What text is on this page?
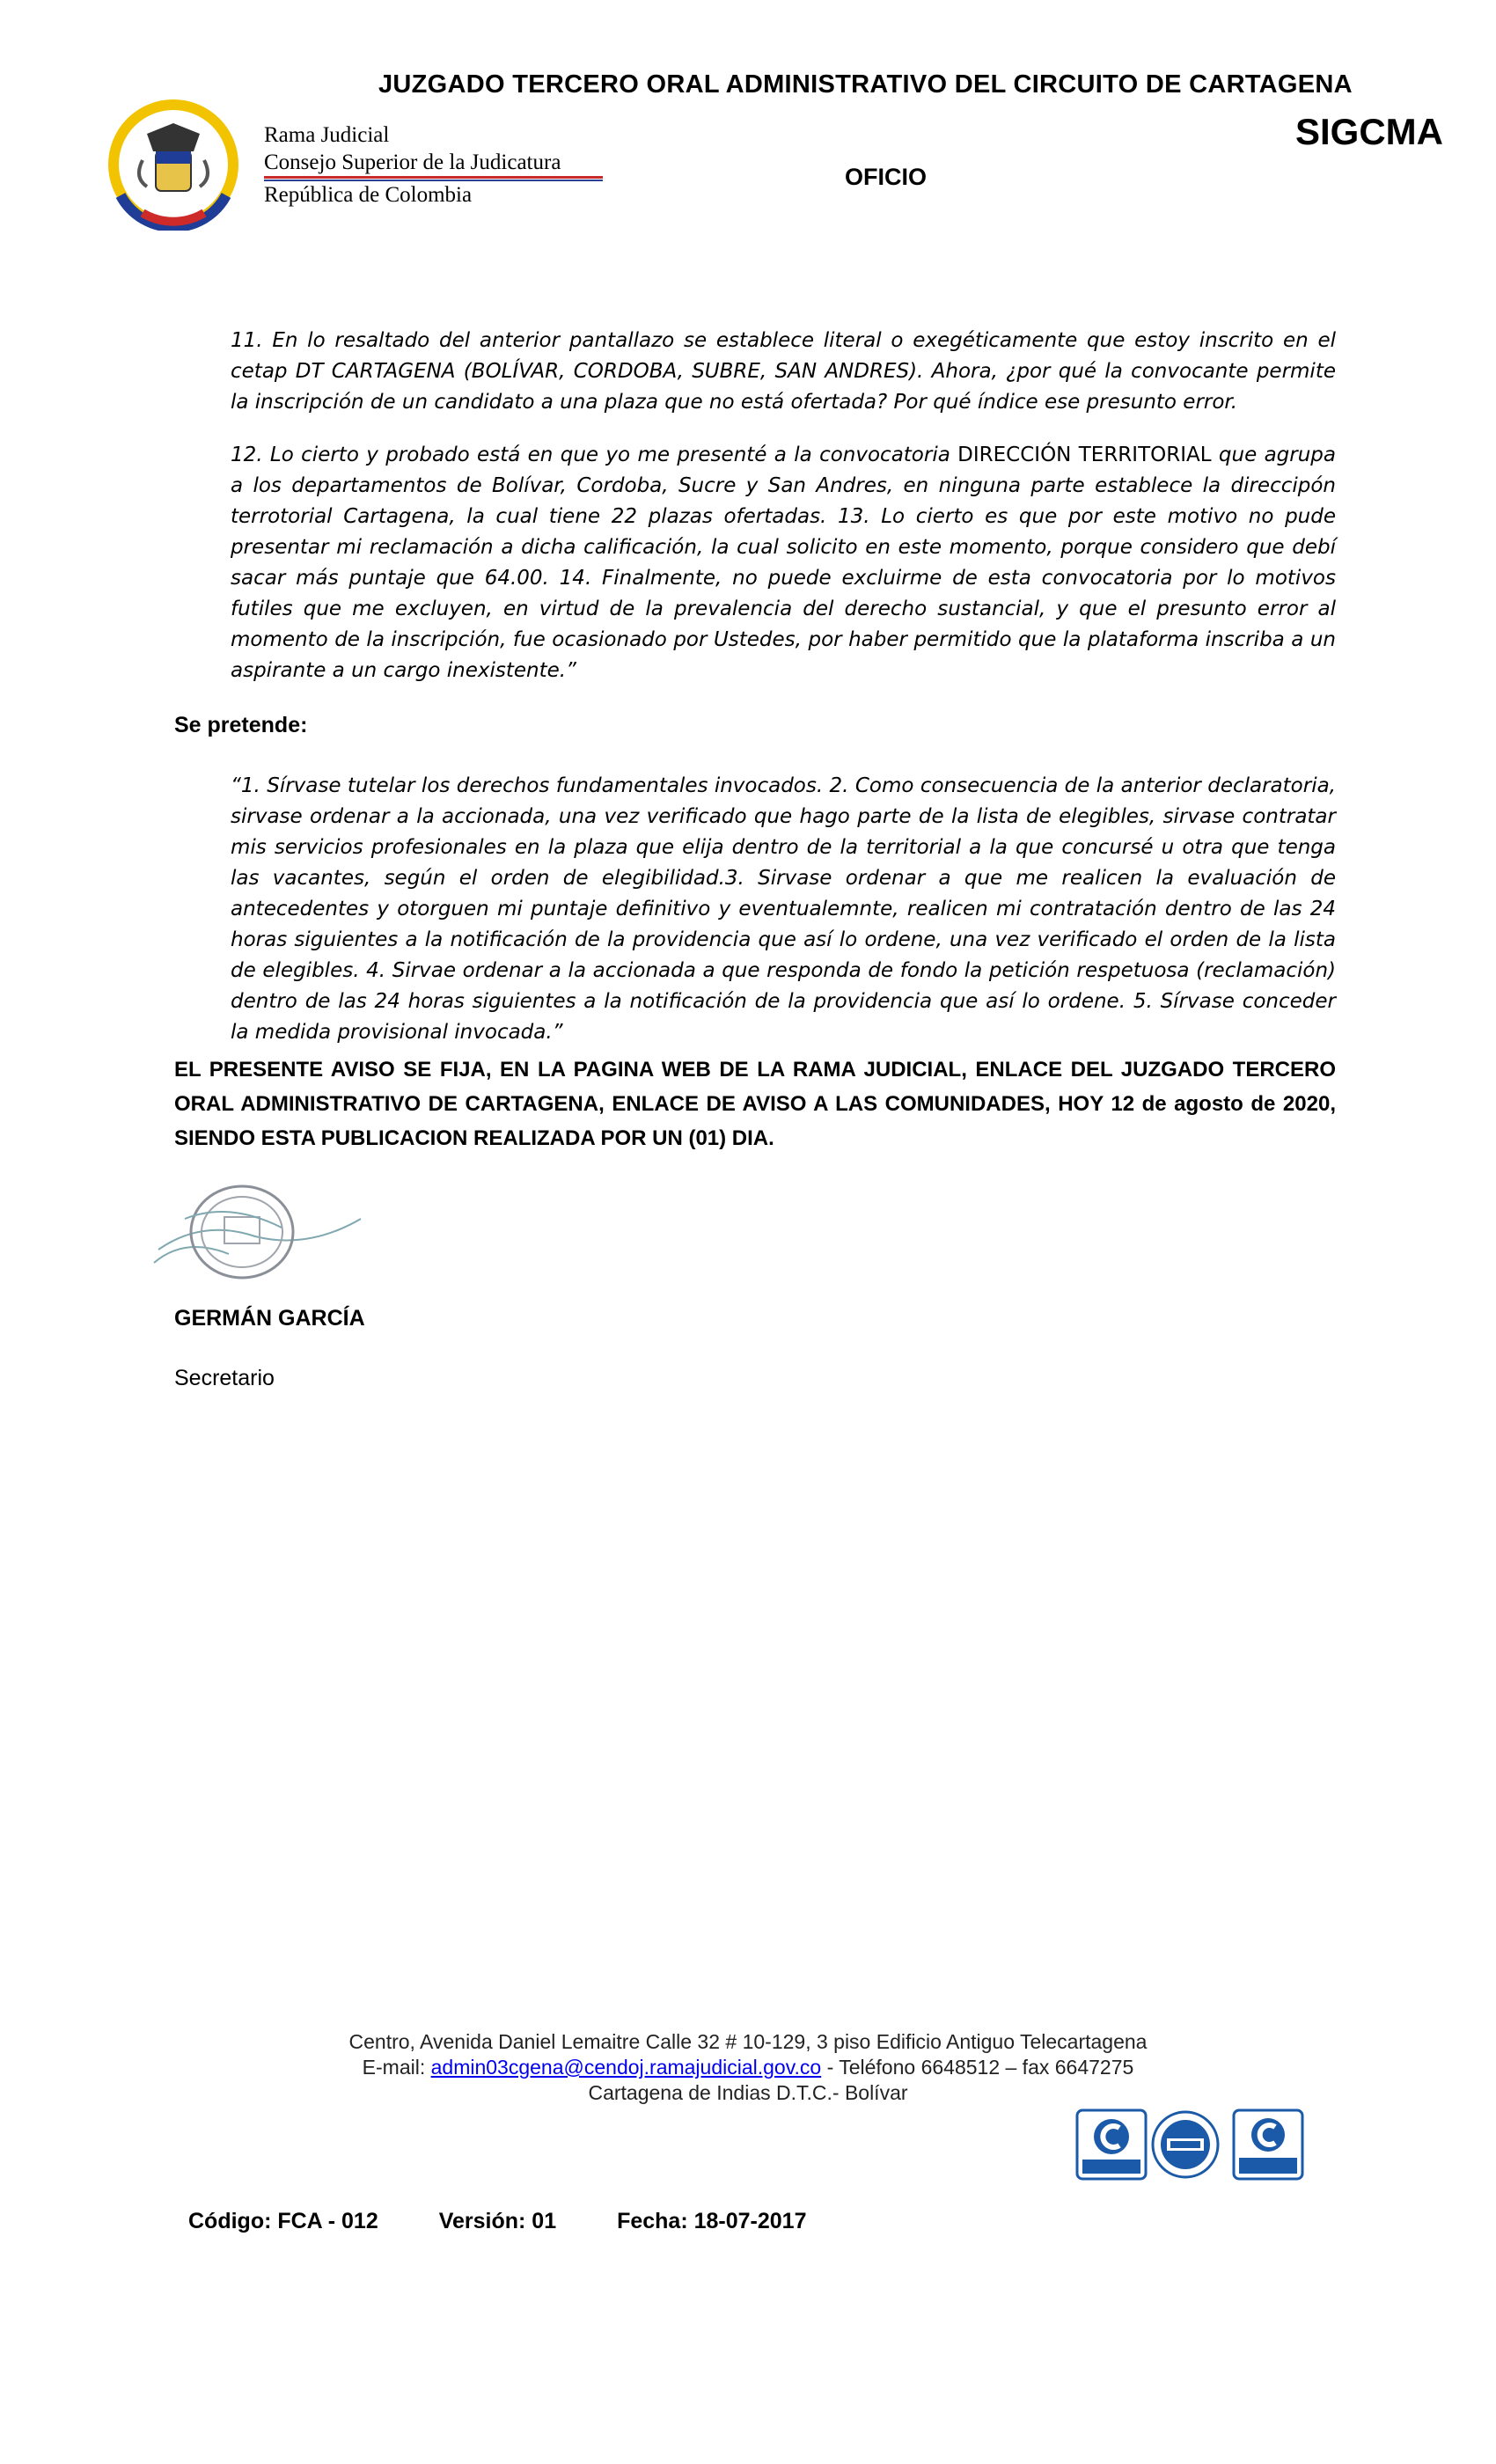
JUZGADO TERCERO ORAL ADMINISTRATIVO DEL CIRCUITO DE CARTAGENA
SIGCMA
OFICIO
Rama Judicial
Consejo Superior de la Judicatura
República de Colombia
11. En lo resaltado del anterior pantallazo se establece literal o exegéticamente que estoy inscrito en el cetap DT CARTAGENA (BOLÍVAR, CORDOBA, SUBRE, SAN ANDRES). Ahora, ¿por qué la convocante permite la inscripción de un candidato a una plaza que no está ofertada? Por qué índice ese presunto error.
12. Lo cierto y probado está en que yo me presenté a la convocatoria DIRECCIÓN TERRITORIAL que agrupa a los departamentos de Bolívar, Cordoba, Sucre y San Andres, en ninguna parte establece la direccipón terrotorial Cartagena, la cual tiene 22 plazas ofertadas. 13. Lo cierto es que por este motivo no pude presentar mi reclamación a dicha calificación, la cual solicito en este momento, porque considero que debí sacar más puntaje que 64.00. 14. Finalmente, no puede excluirme de esta convocatoria por lo motivos futiles que me excluyen, en virtud de la prevalencia del derecho sustancial, y que el presunto error al momento de la inscripción, fue ocasionado por Ustedes, por haber permitido que la plataforma inscriba a un aspirante a un cargo inexistente.”
Se pretende:
“1. Sírvase tutelar los derechos fundamentales invocados. 2. Como consecuencia de la anterior declaratoria, sirvase ordenar a la accionada, una vez verificado que hago parte de la lista de elegibles, sirvase contratar mis servicios profesionales en la plaza que elija dentro de la territorial a la que concursé u otra que tenga las vacantes, según el orden de elegibilidad.3. Sirvase ordenar a que me realicen la evaluación de antecedentes y otorguen mi puntaje definitivo y eventualemnte, realicen mi contratación dentro de las 24 horas siguientes a la notificación de la providencia que así lo ordene, una vez verificado el orden de la lista de elegibles. 4. Sirvae ordenar a la accionada a que responda de fondo la petición respetuosa (reclamación) dentro de las 24 horas siguientes a la notificación de la providencia que así lo ordene. 5. Sírvase conceder la medida provisional invocada.”
EL PRESENTE AVISO SE FIJA, EN LA PAGINA WEB DE LA RAMA JUDICIAL, ENLACE DEL JUZGADO TERCERO ORAL ADMINISTRATIVO DE CARTAGENA, ENLACE DE AVISO A LAS COMUNIDADES, HOY 12 de agosto de 2020, SIENDO ESTA PUBLICACION REALIZADA POR UN (01) DIA.
GERMÁN GARCÍA
Secretario
Centro, Avenida Daniel Lemaitre Calle 32 # 10-129, 3 piso Edificio Antiguo Telecartagena
E-mail: admin03cgena@cendoj.ramajudicial.gov.co - Teléfono 6648512 – fax 6647275
Cartagena de Indias D.T.C.- Bolívar
Código: FCA - 012	Versión: 01	Fecha: 18-07-2017
